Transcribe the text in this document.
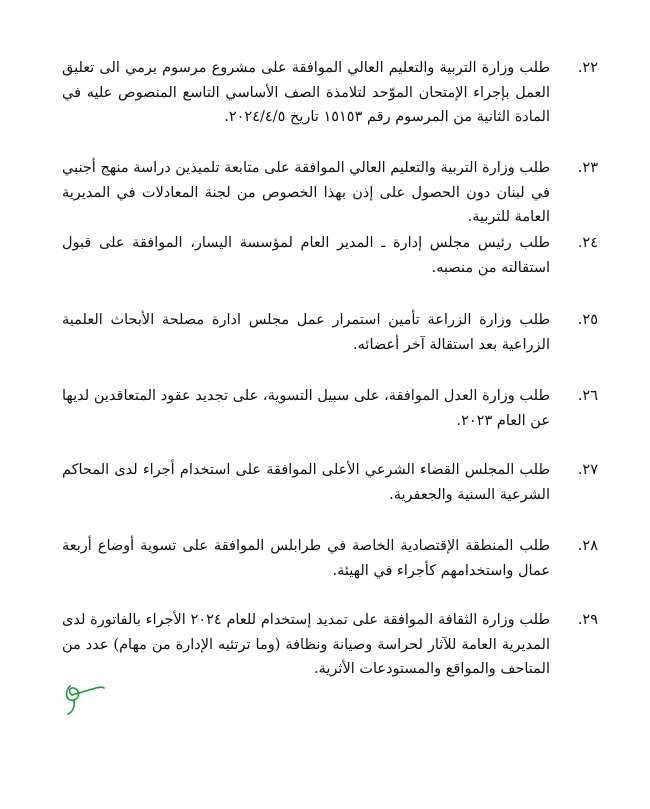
٢٢.
طلب وزارة التربية والتعليم العالي الموافقة على مشروع مرسوم يرمي الى تعليق العمل بإجراء الإمتحان الموّحد لتلامذة الصف الأساسي التاسع المنصوص عليه في المادة الثانية من المرسوم رقم ١٥١٥٣ تاريخ ٢٠٢٤/٤/٥.
٢٣.
طلب وزارة التربية والتعليم العالي الموافقة على متابعة تلميذين دراسة منهج أجنبي في لبنان دون الحصول على إذن بهذا الخصوص من لجنة المعادلات في المديرية العامة للتربية.
٢٤.
طلب رئيس مجلس إدارة ـ المدير العام لمؤسسة اليسار، الموافقة على قبول استقالته من منصبه.
٢٥.
طلب وزارة الزراعة تأمين استمرار عمل مجلس ادارة مصلحة الأبحاث العلمية الزراعية بعد استقالة آخر أعضائه.
٢٦.
طلب وزارة العدل الموافقة، على سبيل التسوية، على تجديد عقود المتعاقدين لديها عن العام ٢٠٢٣.
٢٧.
طلب المجلس القضاء الشرعي الأعلى الموافقة على استخدام أجراء لدى المحاكم الشرعية السنية والجعفرية.
٢٨.
طلب المنطقة الإقتصادية الخاصة في طرابلس الموافقة على تسوية أوضاع أربعة عمال واستخدامهم كأجراء في الهيئة.
٢٩.
طلب وزارة الثقافة الموافقة على تمديد إستخدام للعام ٢٠٢٤ الأجراء بالفاتورة لدى المديرية العامة للآثار لحراسة وصيانة ونظافة (وما ترتئيه الإدارة من مهام) عدد من المتاحف والمواقع والمستودعات الأثرية.
